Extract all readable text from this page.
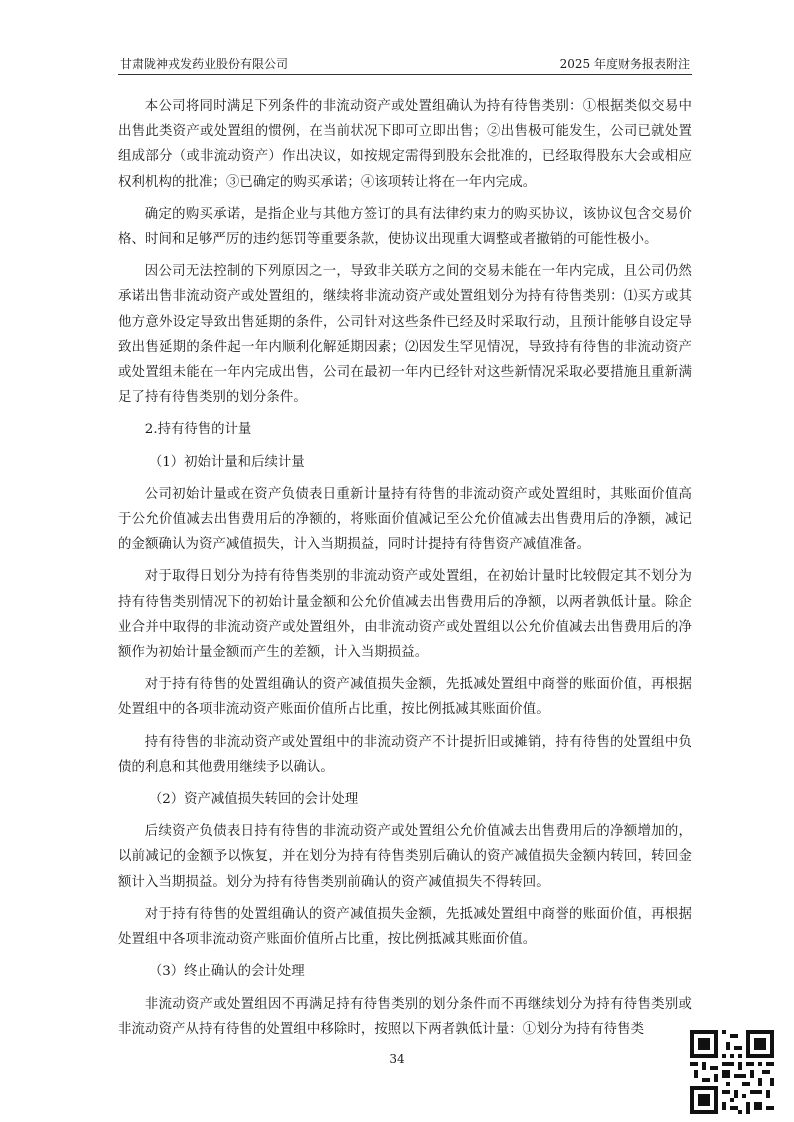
甘肃陇神戎发药业股份有限公司	2025 年度财务报表附注

本公司将同时满足下列条件的非流动资产或处置组确认为持有待售类别：①根据类似交易中出售此类资产或处置组的惯例，在当前状况下即可立即出售；②出售极可能发生，公司已就处置组成部分（或非流动资产）作出决议，如按规定需得到股东会批准的，已经取得股东大会或相应权利机构的批准；③已确定的购买承诺；④该项转让将在一年内完成。

确定的购买承诺，是指企业与其他方签订的具有法律约束力的购买协议，该协议包含交易价格、时间和足够严厉的违约惩罚等重要条款，使协议出现重大调整或者撤销的可能性极小。

因公司无法控制的下列原因之一，导致非关联方之间的交易未能在一年内完成，且公司仍然承诺出售非流动资产或处置组的，继续将非流动资产或处置组划分为持有待售类别：⑴买方或其他方意外设定导致出售延期的条件，公司针对这些条件已经及时采取行动，且预计能够自设定导致出售延期的条件起一年内顺利化解延期因素；⑵因发生罕见情况，导致持有待售的非流动资产或处置组未能在一年内完成出售，公司在最初一年内已经针对这些新情况采取必要措施且重新满足了持有待售类别的划分条件。

2.持有待售的计量

（1）初始计量和后续计量

公司初始计量或在资产负债表日重新计量持有待售的非流动资产或处置组时，其账面价值高于公允价值减去出售费用后的净额的，将账面价值减记至公允价值减去出售费用后的净额，减记的金额确认为资产减值损失，计入当期损益，同时计提持有待售资产减值准备。

对于取得日划分为持有待售类别的非流动资产或处置组，在初始计量时比较假定其不划分为持有待售类别情况下的初始计量金额和公允价值减去出售费用后的净额，以两者孰低计量。除企业合并中取得的非流动资产或处置组外，由非流动资产或处置组以公允价值减去出售费用后的净额作为初始计量金额而产生的差额，计入当期损益。

对于持有待售的处置组确认的资产减值损失金额，先抵减处置组中商誉的账面价值，再根据处置组中的各项非流动资产账面价值所占比重，按比例抵减其账面价值。

持有待售的非流动资产或处置组中的非流动资产不计提折旧或摊销，持有待售的处置组中负债的利息和其他费用继续予以确认。

（2）资产减值损失转回的会计处理

后续资产负债表日持有待售的非流动资产或处置组公允价值减去出售费用后的净额增加的，以前减记的金额予以恢复，并在划分为持有待售类别后确认的资产减值损失金额内转回，转回金额计入当期损益。划分为持有待售类别前确认的资产减值损失不得转回。

对于持有待售的处置组确认的资产减值损失金额，先抵减处置组中商誉的账面价值，再根据处置组中各项非流动资产账面价值所占比重，按比例抵减其账面价值。

（3）终止确认的会计处理

非流动资产或处置组因不再满足持有待售类别的划分条件而不再继续划分为持有待售类别或非流动资产从持有待售的处置组中移除时，按照以下两者孰低计量：①划分为持有待售类

34
